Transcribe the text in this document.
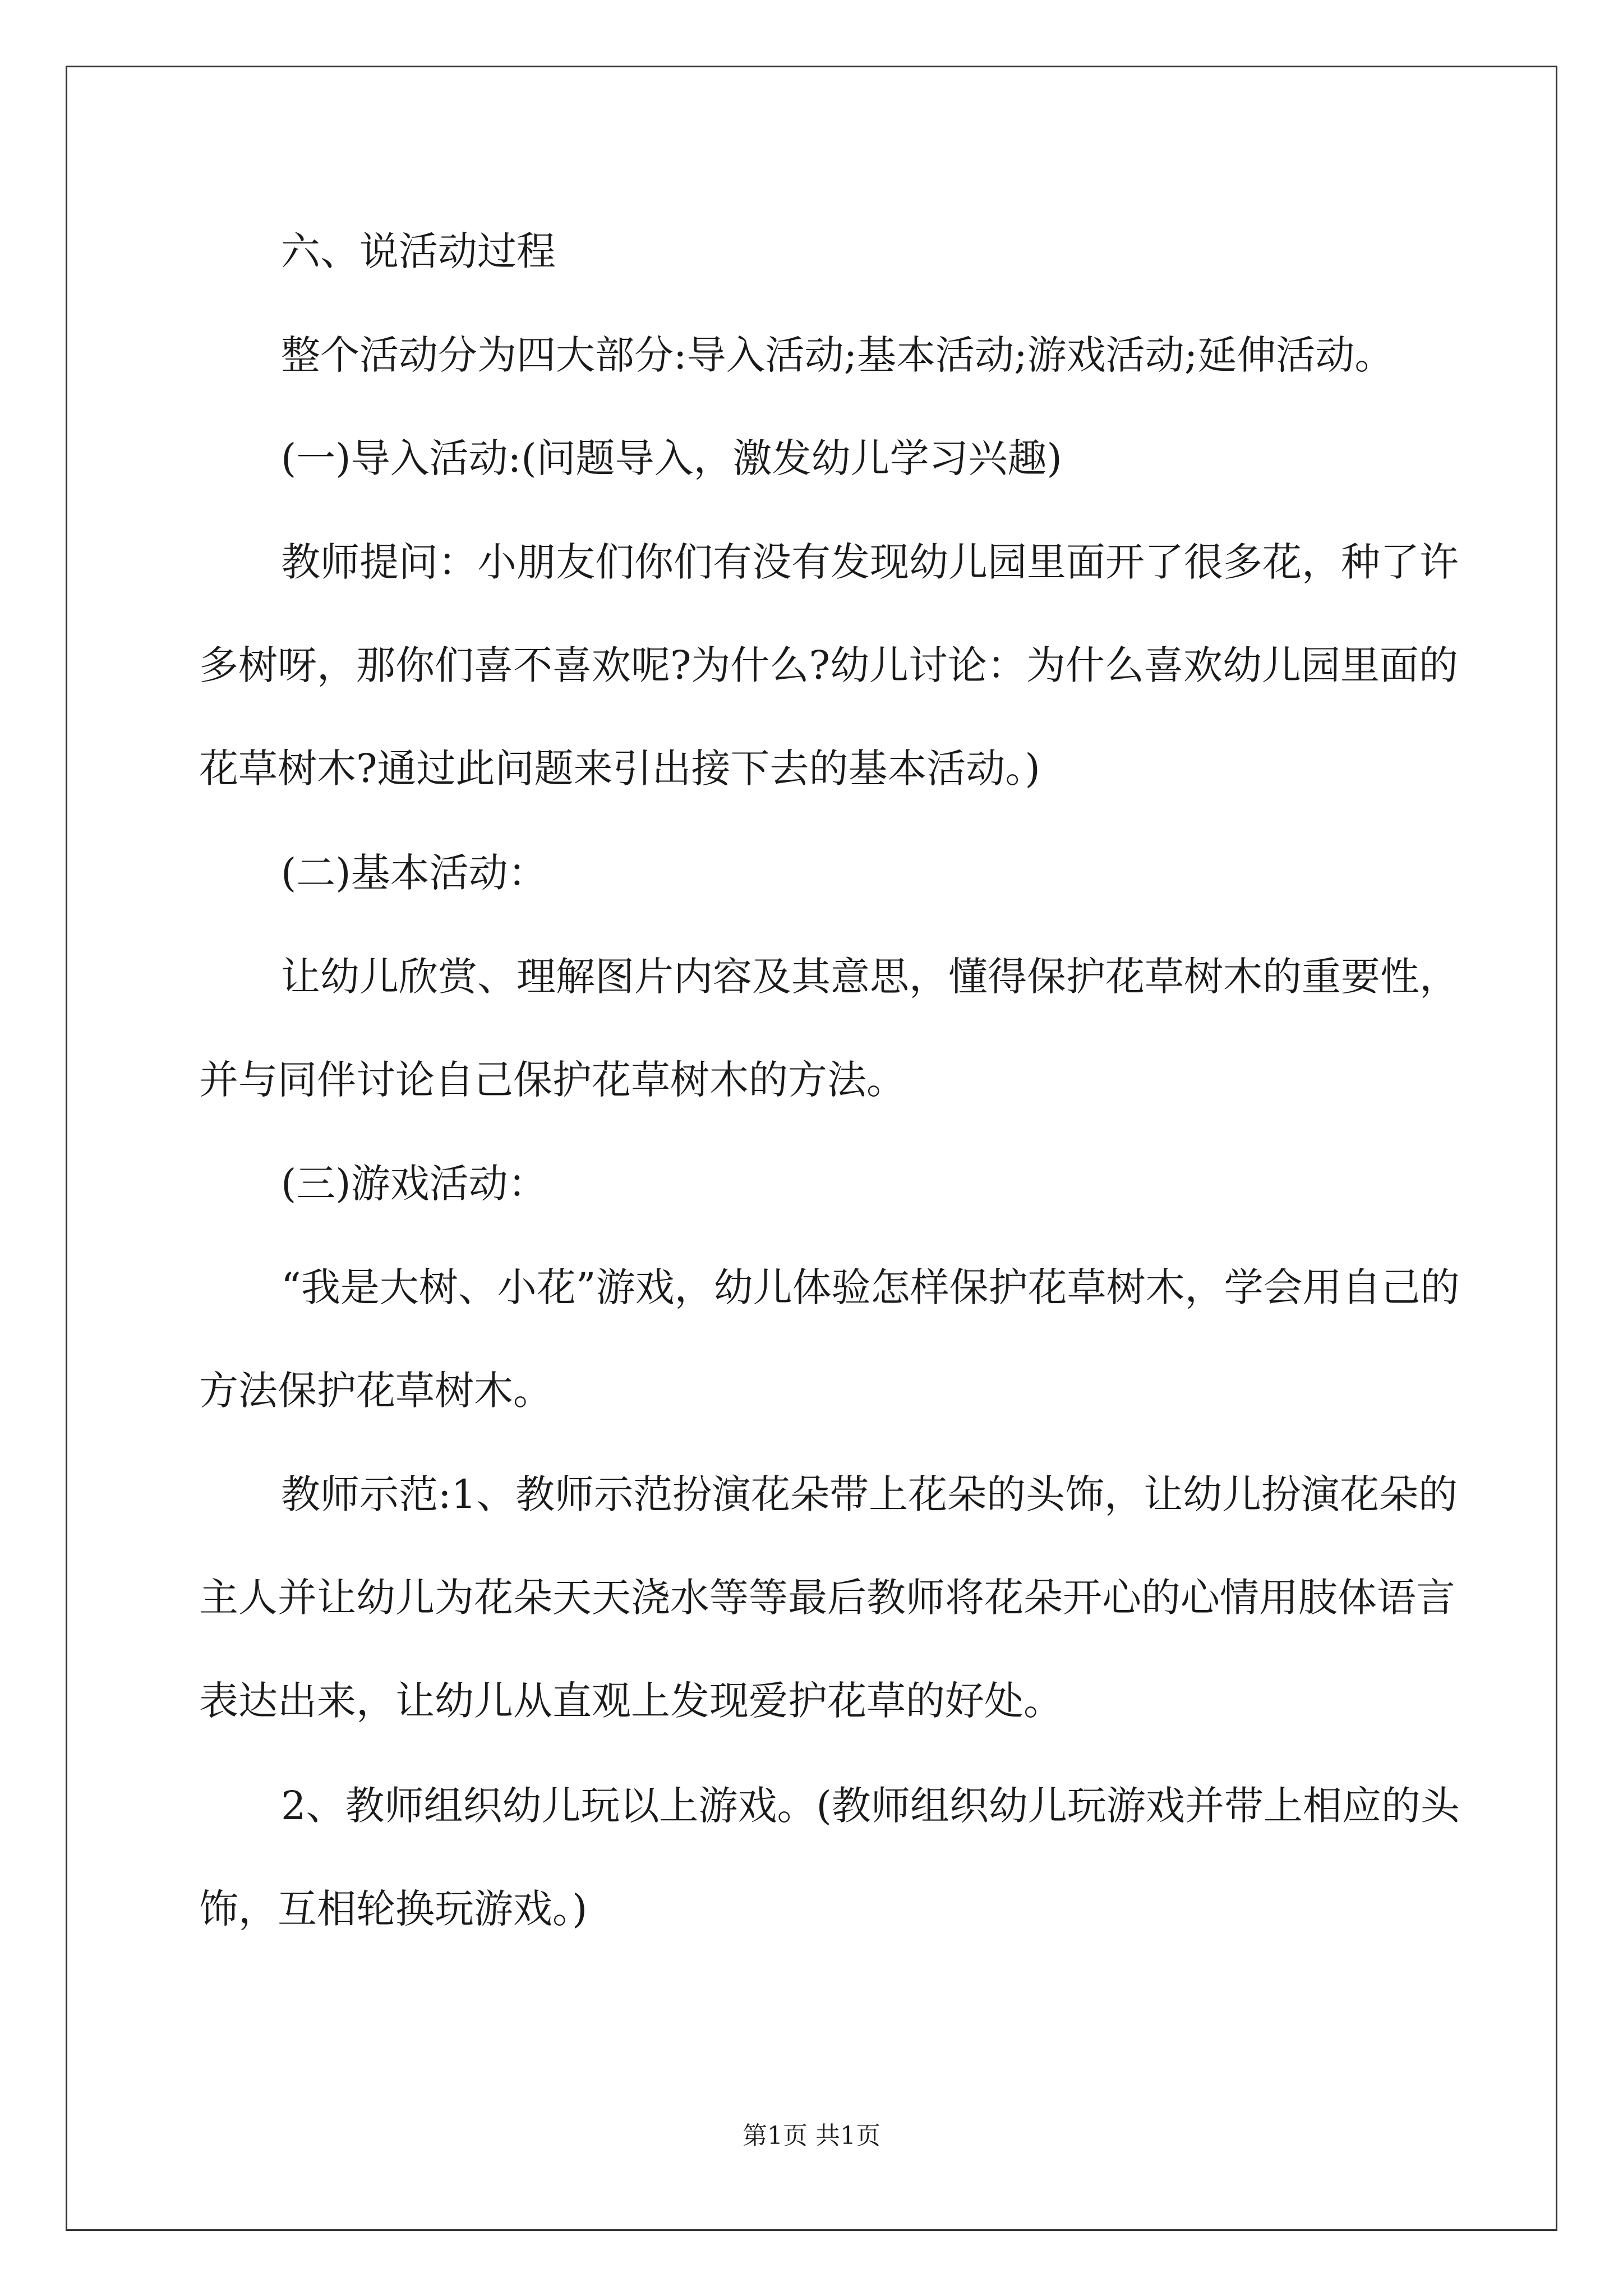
六、说活动过程

整个活动分为四大部分:导入活动;基本活动;游戏活动;延伸活动。

(一)导入活动:(问题导入，激发幼儿学习兴趣)

教师提问：小朋友们你们有没有发现幼儿园里面开了很多花，种了许多树呀，那你们喜不喜欢呢?为什么?幼儿讨论：为什么喜欢幼儿园里面的花草树木?通过此问题来引出接下去的基本活动。)

(二)基本活动：

让幼儿欣赏、理解图片内容及其意思，懂得保护花草树木的重要性，并与同伴讨论自己保护花草树木的方法。

(三)游戏活动：

“我是大树、小花”游戏，幼儿体验怎样保护花草树木，学会用自己的方法保护花草树木。

教师示范:1、教师示范扮演花朵带上花朵的头饰，让幼儿扮演花朵的主人并让幼儿为花朵天天浇水等等最后教师将花朵开心的心情用肢体语言表达出来，让幼儿从直观上发现爱护花草的好处。

2、教师组织幼儿玩以上游戏。(教师组织幼儿玩游戏并带上相应的头饰，互相轮换玩游戏。)

第1页 共1页
